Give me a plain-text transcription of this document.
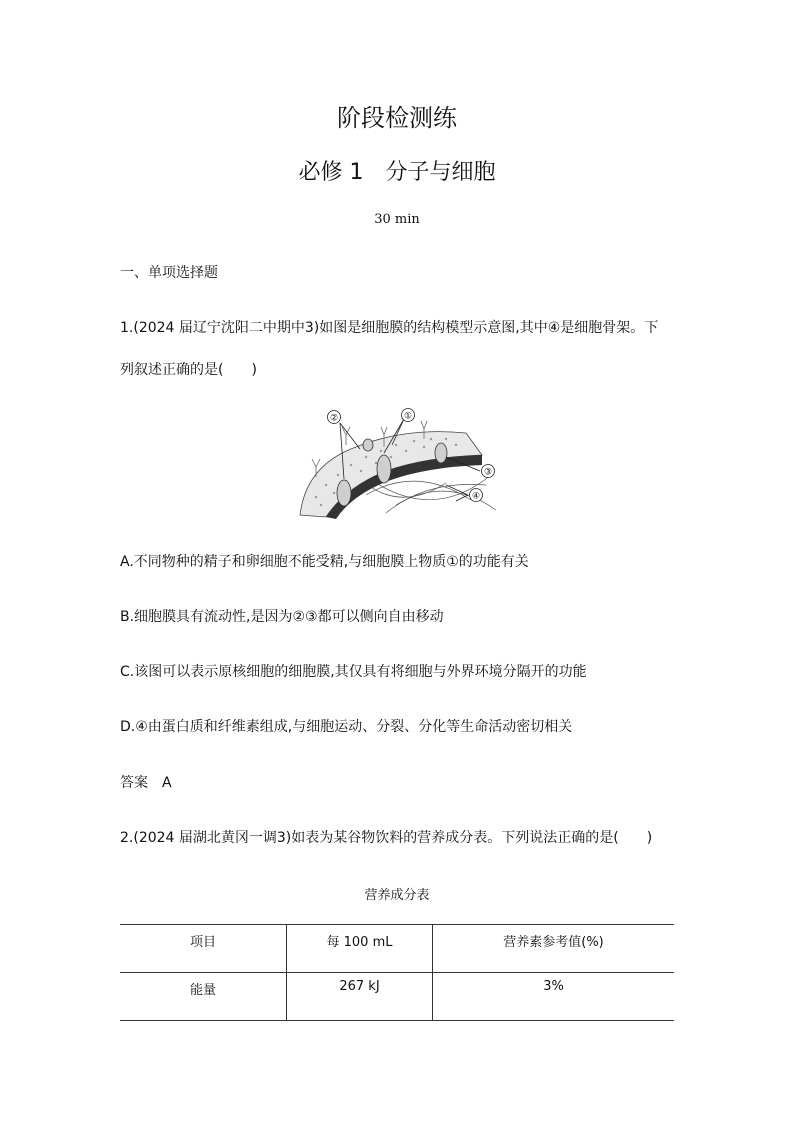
阶段检测练
必修 1　分子与细胞
30 min
一、单项选择题
1.(2024 届辽宁沈阳二中期中3)如图是细胞膜的结构模型示意图,其中④是细胞骨架。下
列叙述正确的是(　　)
②	①
③
④
A.不同物种的精子和卵细胞不能受精,与细胞膜上物质①的功能有关
B.细胞膜具有流动性,是因为②③都可以侧向自由移动
C.该图可以表示原核细胞的细胞膜,其仅具有将细胞与外界环境分隔开的功能
D.④由蛋白质和纤维素组成,与细胞运动、分裂、分化等生命活动密切相关
答案　A
2.(2024 届湖北黄冈一调3)如表为某谷物饮料的营养成分表。下列说法正确的是(　　)
营养成分表
项目	每 100 mL	营养素参考值(%)
能量	267 kJ	3%
